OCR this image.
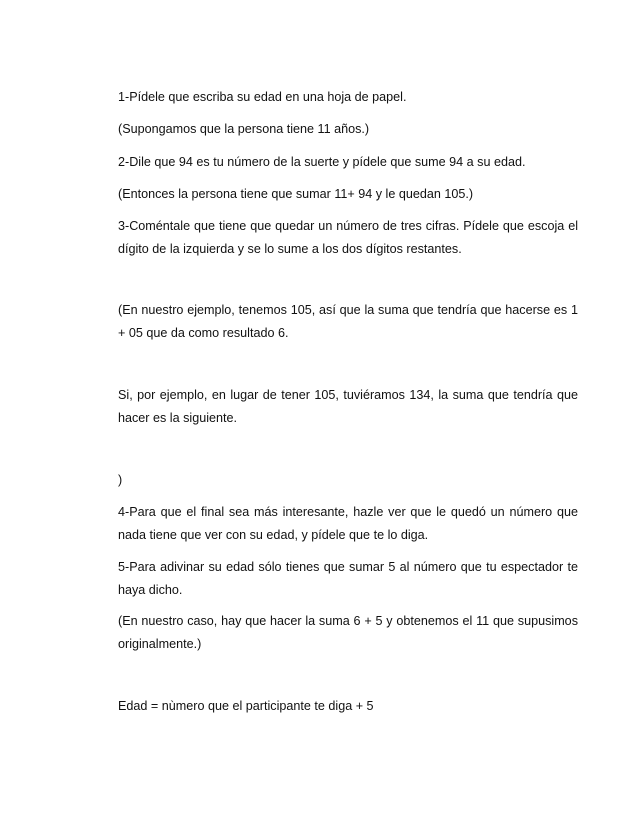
1-Pídele que escriba su edad en una hoja de papel.

(Supongamos que la persona tiene 11 años.)

2-Dile que 94 es tu número de la suerte y pídele que sume 94 a su edad.

(Entonces la persona tiene que sumar 11+ 94 y le quedan 105.)

3-Coméntale que tiene que quedar un número de tres cifras. Pídele que escoja el dígito de la izquierda y se lo sume a los dos dígitos restantes.

(En nuestro ejemplo, tenemos 105, así que la suma que tendría que hacerse es 1 + 05 que da como resultado 6.

Si, por ejemplo, en lugar de tener 105, tuviéramos 134, la suma que tendría que hacer es la siguiente.

)

4-Para que el final sea más interesante, hazle ver que le quedó un número que nada tiene que ver con su edad, y pídele que te lo diga.

5-Para adivinar su edad sólo tienes que sumar 5 al número que tu espectador te haya dicho.

(En nuestro caso, hay que hacer la suma 6 + 5 y obtenemos el 11 que supusimos originalmente.)

Edad = nùmero que el participante te diga + 5
